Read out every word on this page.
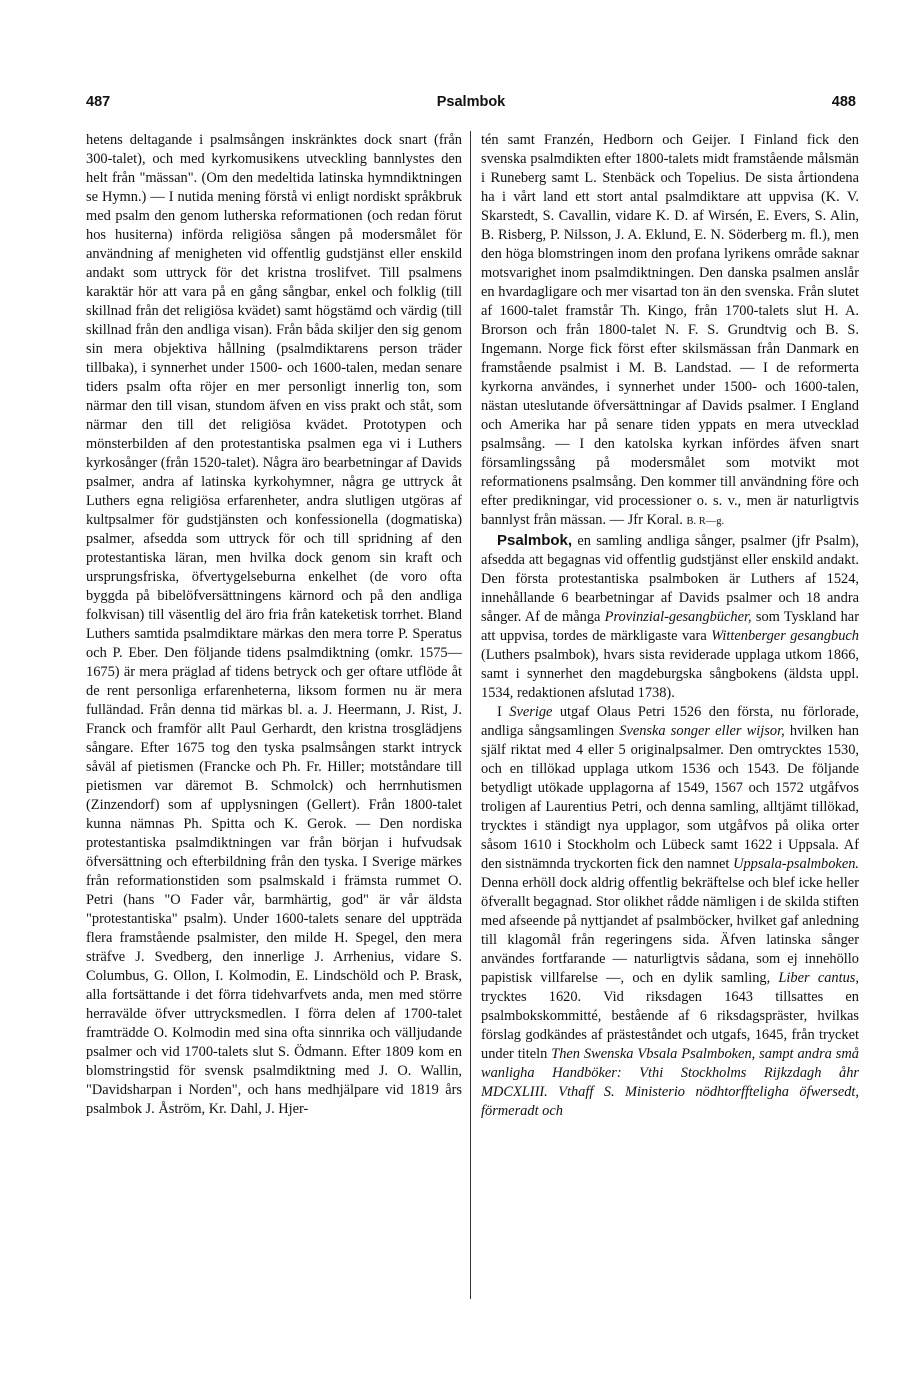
487	Psalmbok	488

hetens deltagande i psalmsången inskränktes dock snart (från 300-talet), och med kyrkomusikens utveckling bannlystes den helt från "mässan". (Om den medeltida latinska hymndiktningen se Hymn.) — I nutida mening förstå vi enligt nordiskt språkbruk med psalm den genom lutherska reformationen (och redan förut hos husiterna) införda religiösa sången på modersmålet för användning af menigheten vid offentlig gudstjänst eller enskild andakt som uttryck för det kristna troslifvet. Till psalmens karaktär hör att vara på en gång sångbar, enkel och folklig (till skillnad från det religiösa kvädet) samt högstämd och värdig (till skillnad från den andliga visan). Från båda skiljer den sig genom sin mera objektiva hållning (psalmdiktarens person träder tillbaka), i synnerhet under 1500- och 1600-talen, medan senare tiders psalm ofta röjer en mer personligt innerlig ton, som närmar den till visan, stundom äfven en viss prakt och ståt, som närmar den till det religiösa kvädet. Prototypen och mönsterbilden af den protestantiska psalmen ega vi i Luthers kyrkosånger (från 1520-talet). Några äro bearbetningar af Davids psalmer, andra af latinska kyrkohymner, några ge uttryck åt Luthers egna religiösa erfarenheter, andra slutligen utgöras af kultpsalmer för gudstjänsten och konfessionella (dogmatiska) psalmer, afsedda som uttryck för och till spridning af den protestantiska läran, men hvilka dock genom sin kraft och ursprungsfriska, öfvertygelseburna enkelhet (de voro ofta byggda på bibelöfversättningens kärnord och på den andliga folkvisan) till väsentlig del äro fria från kateketisk torrhet. Bland Luthers samtida psalmdiktare märkas den mera torre P. Speratus och P. Eber. Den följande tidens psalmdiktning (omkr. 1575—1675) är mera präglad af tidens betryck och ger oftare utflöde åt de rent personliga erfarenheterna, liksom formen nu är mera fulländad. Från denna tid märkas bl. a. J. Heermann, J. Rist, J. Franck och framför allt Paul Gerhardt, den kristna trosglädjens sångare. Efter 1675 tog den tyska psalmsången starkt intryck såväl af pietismen (Francke och Ph. Fr. Hiller; motståndare till pietismen var däremot B. Schmolck) och herrnhutismen (Zinzendorf) som af upplysningen (Gellert). Från 1800-talet kunna nämnas Ph. Spitta och K. Gerok. — Den nordiska protestantiska psalmdiktningen var från början i hufvudsak öfversättning och efterbildning från den tyska. I Sverige märkes från reformationstiden som psalmskald i främsta rummet O. Petri (hans "O Fader vår, barmhärtig, god" är vår äldsta "protestantiska" psalm). Under 1600-talets senare del uppträda flera framstående psalmister, den milde H. Spegel, den mera sträfve J. Svedberg, den innerlige J. Arrhenius, vidare S. Columbus, G. Ollon, I. Kolmodin, E. Lindschöld och P. Brask, alla fortsättande i det förra tidehvarfvets anda, men med större herravälde öfver uttrycksmedlen. I förra delen af 1700-talet framträdde O. Kolmodin med sina ofta sinnrika och välljudande psalmer och vid 1700-talets slut S. Ödmann. Efter 1809 kom en blomstringstid för svensk psalmdiktning med J. O. Wallin, "Davidsharpan i Norden", och hans medhjälpare vid 1819 års psalmbok J. Åström, Kr. Dahl, J. Hjer-

tén samt Franzén, Hedborn och Geijer. I Finland fick den svenska psalmdikten efter 1800-talets midt framstående målsmän i Runeberg samt L. Stenbäck och Topelius. De sista årtiondena ha i vårt land ett stort antal psalmdiktare att uppvisa (K. V. Skarstedt, S. Cavallin, vidare K. D. af Wirsén, E. Evers, S. Alin, B. Risberg, P. Nilsson, J. A. Eklund, E. N. Söderberg m. fl.), men den höga blomstringen inom den profana lyrikens område saknar motsvarighet inom psalmdiktningen. Den danska psalmen anslår en hvardagligare och mer visartad ton än den svenska. Från slutet af 1600-talet framstår Th. Kingo, från 1700-talets slut H. A. Brorson och från 1800-talet N. F. S. Grundtvig och B. S. Ingemann. Norge fick först efter skilsmässan från Danmark en framstående psalmist i M. B. Landstad. — I de reformerta kyrkorna användes, i synnerhet under 1500- och 1600-talen, nästan uteslutande öfversättningar af Davids psalmer. I England och Amerika har på senare tiden yppats en mera utvecklad psalmsång. — I den katolska kyrkan infördes äfven snart församlingssång på modersmålet som motvikt mot reformationens psalmsång. Den kommer till användning före och efter predikningar, vid processioner o. s. v., men är naturligtvis bannlyst från mässan. — Jfr Koral. B. R—g.

Psalmbok, en samling andliga sånger, psalmer (jfr Psalm), afsedda att begagnas vid offentlig gudstjänst eller enskild andakt. Den första protestantiska psalmboken är Luthers af 1524, innehållande 6 bearbetningar af Davids psalmer och 18 andra sånger. Af de många Provinzial-gesangbücher, som Tyskland har att uppvisa, tordes de märkligaste vara Wittenberger gesangbuch (Luthers psalmbok), hvars sista reviderade upplaga utkom 1866, samt i synnerhet den magdeburgska sångbokens (äldsta uppl. 1534, redaktionen afslutad 1738).

I Sverige utgaf Olaus Petri 1526 den första, nu förlorade, andliga sångsamlingen Svenska songer eller wijsor, hvilken han själf riktat med 4 eller 5 originalpsalmer. Den omtrycktes 1530, och en tillökad upplaga utkom 1536 och 1543. De följande betydligt utökade upplagorna af 1549, 1567 och 1572 utgåfvos troligen af Laurentius Petri, och denna samling, alltjämt tillökad, trycktes i ständigt nya upplagor, som utgåfvos på olika orter såsom 1610 i Stockholm och Lübeck samt 1622 i Uppsala. Af den sistnämnda tryckorten fick den namnet Uppsala-psalmboken. Denna erhöll dock aldrig offentlig bekräftelse och blef icke heller öfverallt begagnad. Stor olikhet rådde nämligen i de skilda stiften med afseende på nyttjandet af psalmböcker, hvilket gaf anledning till klagomål från regeringens sida. Äfven latinska sånger användes fortfarande — naturligtvis sådana, som ej innehöllo papistisk villfarelse —, och en dylik samling, Liber cantus, trycktes 1620. Vid riksdagen 1643 tillsattes en psalmbokskommitté, bestående af 6 riksdagspräster, hvilkas förslag godkändes af prästeståndet och utgafs, 1645, från trycket under titeln Then Swenska Vbsala Psalmboken, sampt andra små wanligha Handböker: Vthi Stockholms Rijkzdagh åhr MDCXLIII. Vthaff S. Ministerio nödhtorffteligha öfwersedt, förmeradt och
